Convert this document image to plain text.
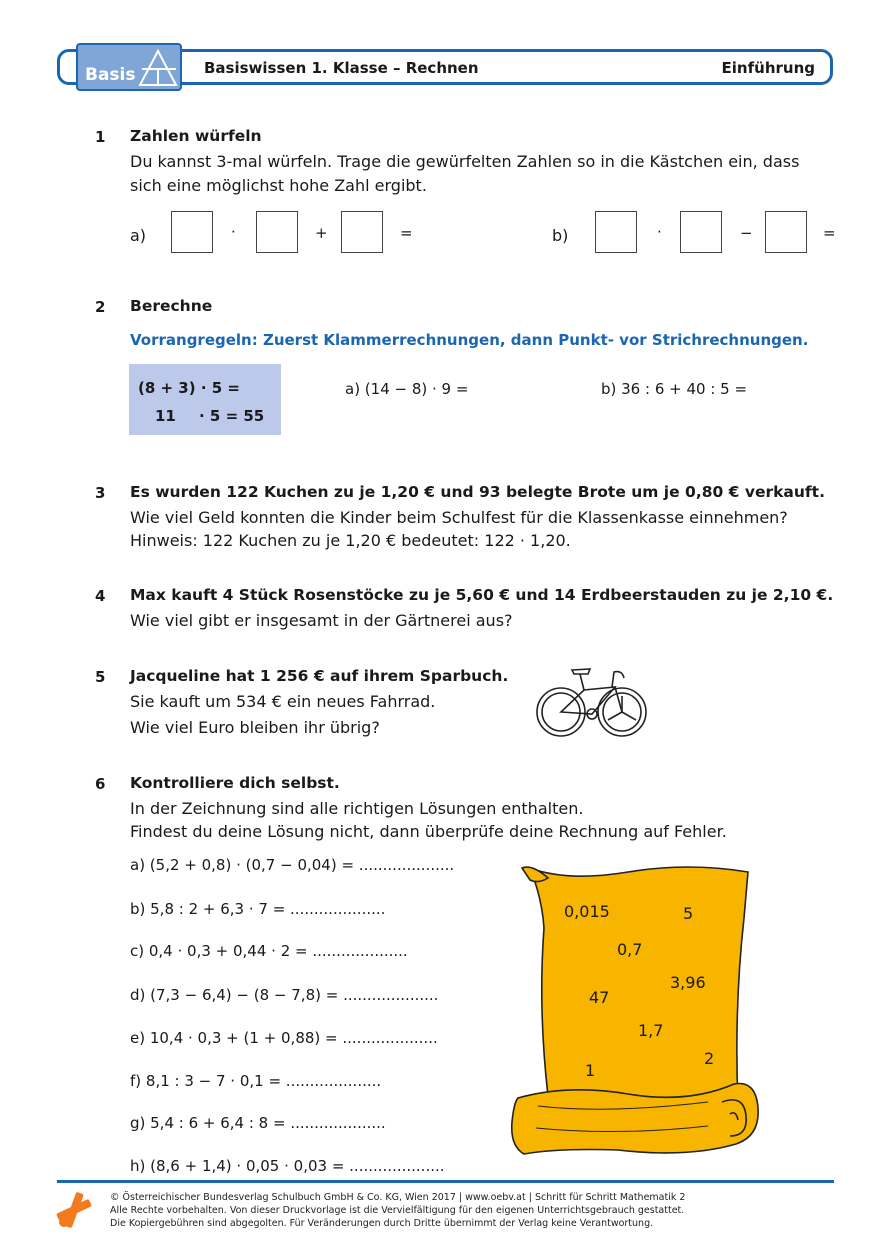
Basis	Basiswissen 1. Klasse – Rechnen	Einführung
1	Zahlen würfeln
Du kannst 3-mal würfeln. Trage die gewürfelten Zahlen so in die Kästchen ein, dass
sich eine möglichst hohe Zahl ergibt.
a)	·	+	=	b)	·	−	=
2	Berechne
Vorrangregeln: Zuerst Klammerrechnungen, dann Punkt- vor Strichrechnungen.
(8 + 3) · 5 =
11 · 5 = 55
a) (14 − 8) · 9 =	b) 36 : 6 + 40 : 5 =
3	Es wurden 122 Kuchen zu je 1,20 € und 93 belegte Brote um je 0,80 € verkauft.
Wie viel Geld konnten die Kinder beim Schulfest für die Klassenkasse einnehmen?
Hinweis: 122 Kuchen zu je 1,20 € bedeutet: 122 · 1,20.
4	Max kauft 4 Stück Rosenstöcke zu je 5,60 € und 14 Erdbeerstauden zu je 2,10 €.
Wie viel gibt er insgesamt in der Gärtnerei aus?
5	Jacqueline hat 1 256 € auf ihrem Sparbuch.
Sie kauft um 534 € ein neues Fahrrad.
Wie viel Euro bleiben ihr übrig?
6	Kontrolliere dich selbst.
In der Zeichnung sind alle richtigen Lösungen enthalten.
Findest du deine Lösung nicht, dann überprüfe deine Rechnung auf Fehler.
a) (5,2 + 0,8) · (0,7 − 0,04) = ....................
b) 5,8 : 2 + 6,3 · 7 = ....................
c) 0,4 · 0,3 + 0,44 · 2 = ....................
d) (7,3 − 6,4) − (8 − 7,8) = ....................
e) 10,4 · 0,3 + (1 + 0,88) = ....................
f) 8,1 : 3 − 7 · 0,1 = ....................
g) 5,4 : 6 + 6,4 : 8 = ....................
h) (8,6 + 1,4) · 0,05 · 0,03 = ....................
0,015	5
0,7
3,96
47
1,7
2
1
© Österreichischer Bundesverlag Schulbuch GmbH & Co. KG, Wien 2017 | www.oebv.at | Schritt für Schritt Mathematik 2
Alle Rechte vorbehalten. Von dieser Druckvorlage ist die Vervielfältigung für den eigenen Unterrichtsgebrauch gestattet.
Die Kopiergebühren sind abgegolten. Für Veränderungen durch Dritte übernimmt der Verlag keine Verantwortung.
